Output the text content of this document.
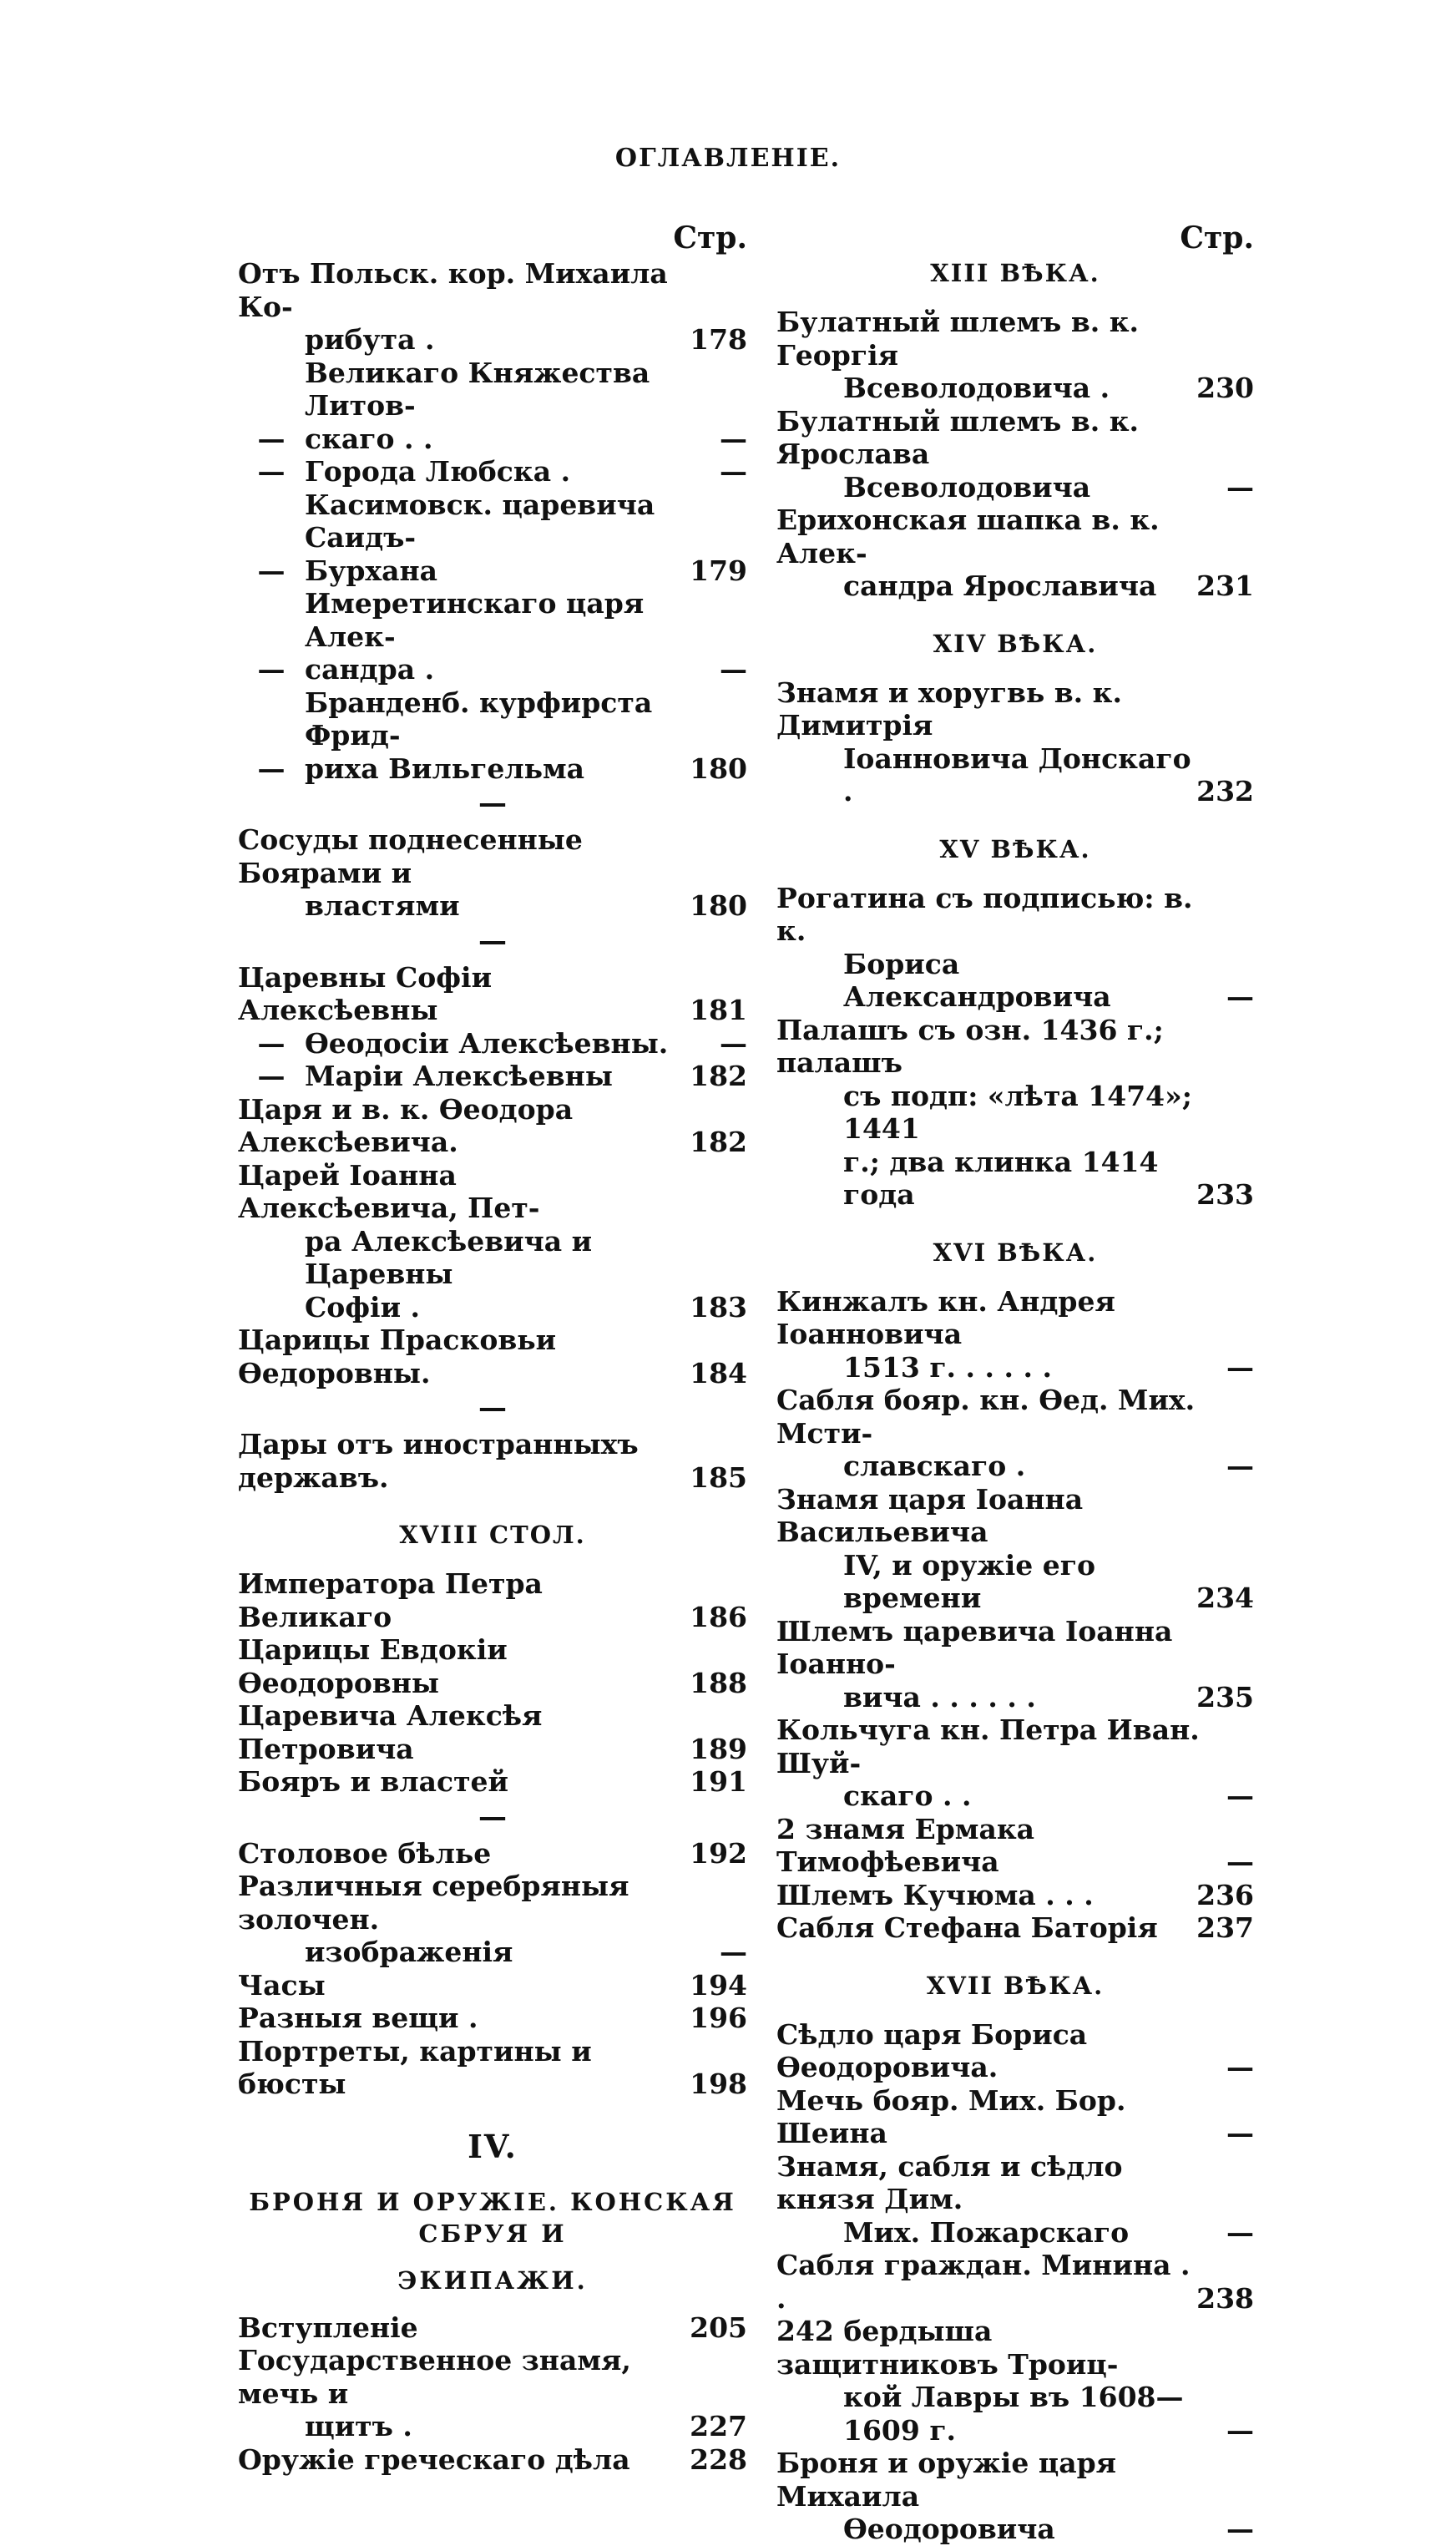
ОГЛАВЛЕНІЕ.
Стр.
Отъ Польск. кор. Михаила Ко-
рибута .	178
—
Великаго Княжества Литов-
скаго . .	—
— Города Любска .	—
—
Касимовск. царевича Саидъ-
Бурхана	179
—
Имеретинскаго царя Алек-
сандра .	—
—
Бранденб. курфирста Фрид-
риха Вильгельма	180
—
Сосуды поднесенные Боярами и
властями	180
—
Царевны Софіи Алексѣевны	181
— Ѳеодосіи Алексѣевны.	—
— Маріи Алексѣевны	182
Царя и в. к. Ѳеодора Алексѣевича.	182
Царей Іоанна Алексѣевича, Пет-
ра Алексѣевича и Царевны
Софіи .	183
Царицы Прасковьи Ѳедоровны.	184
—
Дары отъ иностранныхъ державъ.	185
XVIII СТОЛ.
Императора Петра Великаго	186
Царицы Евдокіи Ѳеодоровны	188
Царевича Алексѣя Петровича	189
Бояръ и властей	191
—
Столовое бѣлье	192
Различныя серебряныя золочен.
изображенія	—
Часы	194
Разныя вещи .	196
Портреты, картины и бюсты	198
IV.
БРОНЯ И ОРУЖІЕ. КОНСКАЯ СБРУЯ И
ЭКИПАЖИ.
Вступленіе	205
Государственное знамя, мечь и
щитъ .	227
Оружіе греческаго дѣла	228
Стр.
XIII ВѢКА.
Булатный шлемъ в. к. Георгія
Всеволодовича .	230
Булатный шлемъ в. к. Ярослава
Всеволодовича	—
Ерихонская шапка в. к. Алек-
сандра Ярославича	231
XIV ВѢКА.
Знамя и хоругвь в. к. Димитрія
Іоанновича Донскаго .	232
XV ВѢКА.
Рогатина съ подписью: в. к.
Бориса Александровича	—
Палашъ съ озн. 1436 г.; палашъ
съ подп: «лѣта 1474»; 1441
г.; два клинка 1414 года	233
XVI ВѢКА.
Кинжалъ кн. Андрея Іоанновича
1513 г. . . . . .	—
Сабля бояр. кн. Ѳед. Мих. Мсти-
славскаго .	—
Знамя царя Іоанна Васильевича
IV, и оружіе его времени	234
Шлемъ царевича Іоанна Іоанно-
вича . . . . . .	235
Кольчуга кн. Петра Иван. Шуй-
скаго . .	—
2 знамя Ермака Тимофѣевича	—
Шлемъ Кучюма . . .	236
Сабля Стефана Баторія	237
XVII ВѢКА.
Сѣдло царя Бориса Ѳеодоровича.	—
Мечь бояр. Мих. Бор. Шеина	—
Знамя, сабля и сѣдло князя Дим.
Мих. Пожарскаго	—
Сабля граждан. Минина . .	238
242 бердыша защитниковъ Троиц-
кой Лавры въ 1608—1609 г.	—
Броня и оружіе царя Михаила
Ѳеодоровича	—
